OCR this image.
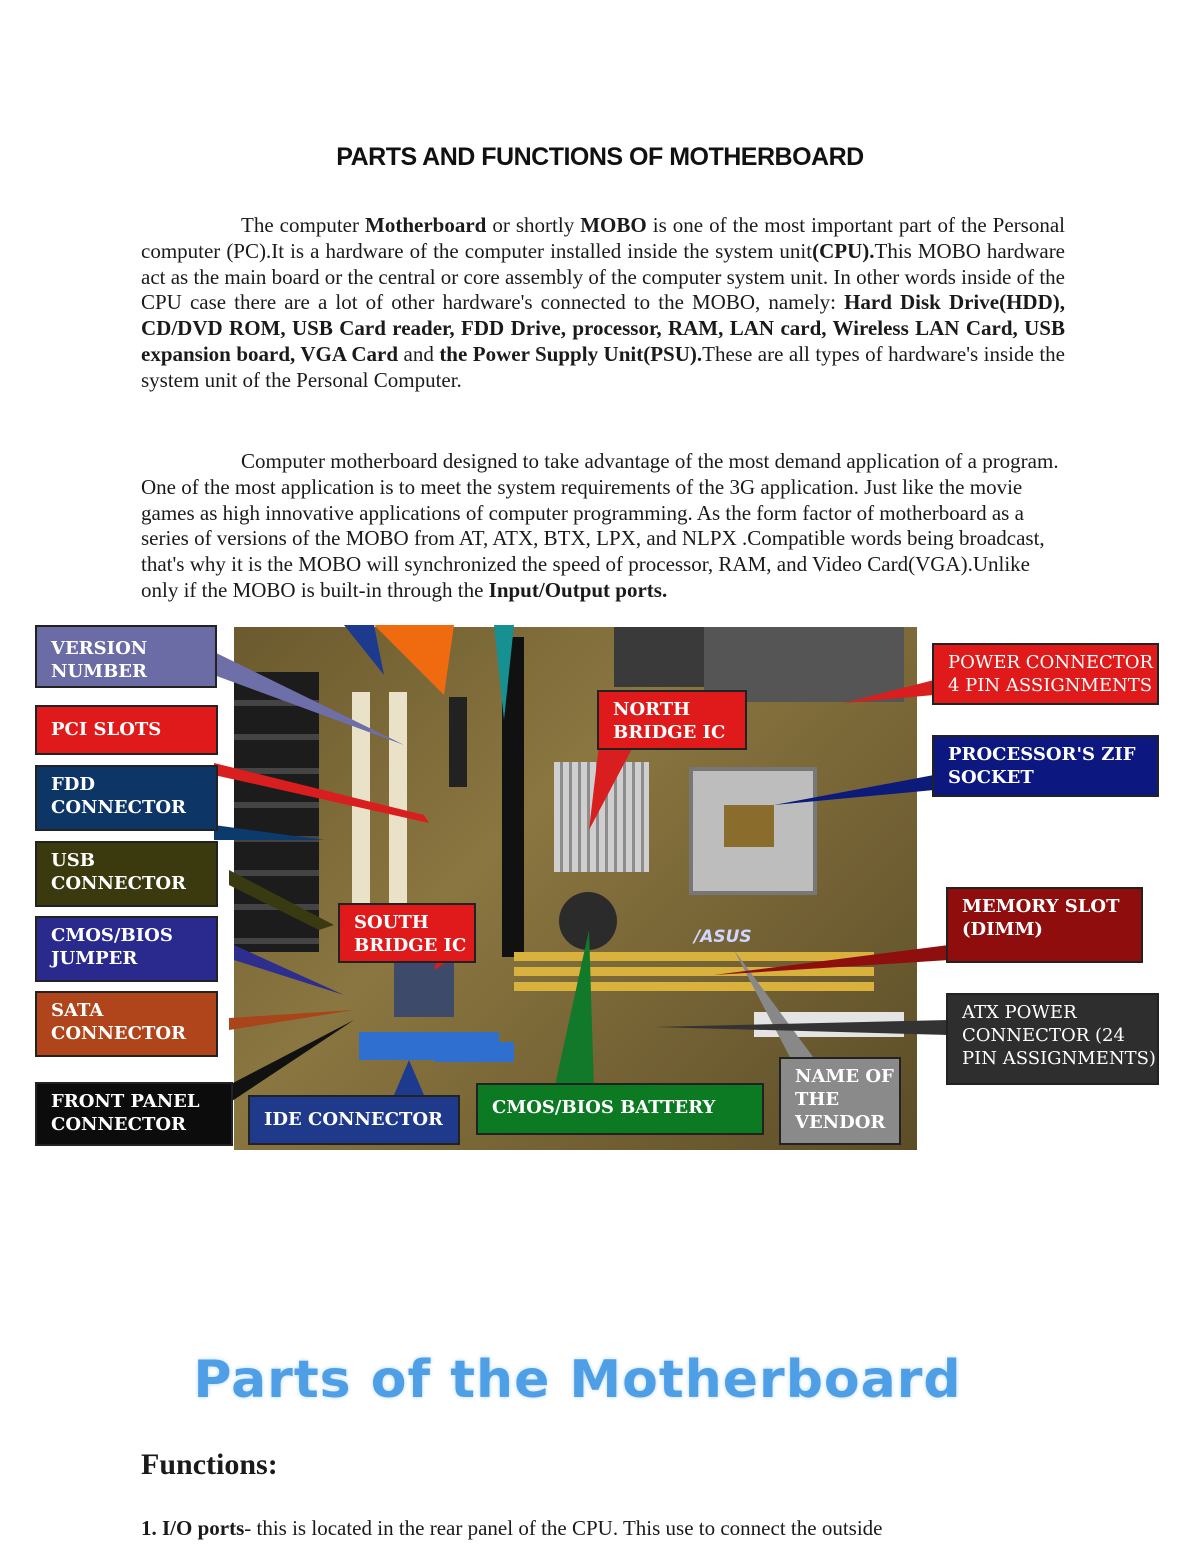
PARTS AND FUNCTIONS OF MOTHERBOARD

The computer Motherboard or shortly MOBO is one of the most important part of the Personal computer (PC).It is a hardware of the computer installed inside the system unit(CPU).This MOBO hardware act as the main board or the central or core assembly of the computer system unit. In other words inside of the CPU case there are a lot of other hardware's connected to the MOBO, namely: Hard Disk Drive(HDD), CD/DVD ROM, USB Card reader, FDD Drive, processor, RAM, LAN card, Wireless LAN Card, USB expansion board, VGA Card and the Power Supply Unit(PSU).These are all types of hardware's inside the system unit of the Personal Computer.

Computer motherboard designed to take advantage of the most demand application of a program. One of the most application is to meet the system requirements of the 3G application. Just like the movie games as high innovative applications of computer programming. As the form factor of motherboard as a series of versions of the MOBO from AT, ATX, BTX, LPX, and NLPX .Compatible words being broadcast, that's why it is the MOBO will synchronized the speed of processor, RAM, and Video Card(VGA).Unlike only if the MOBO is built-in through the Input/Output ports.

/ASUS
VERSION NUMBER
PCI SLOTS
FDD CONNECTOR
USB CONNECTOR
CMOS/BIOS JUMPER
SATA CONNECTOR
FRONT PANEL CONNECTOR	IDE CONNECTOR
CMOS/BIOS BATTERY
NAME OF THE VENDOR
NORTH BRIDGE IC
SOUTH BRIDGE IC
POWER CONNECTOR 4 PIN ASSIGNMENTS
PROCESSOR'S ZIF SOCKET
MEMORY SLOT (DIMM)
ATX POWER CONNECTOR (24 PIN ASSIGNMENTS)
Parts of the Motherboard
Functions:
1. I/O ports- this is located in the rear panel of the CPU. This use to connect the outside
